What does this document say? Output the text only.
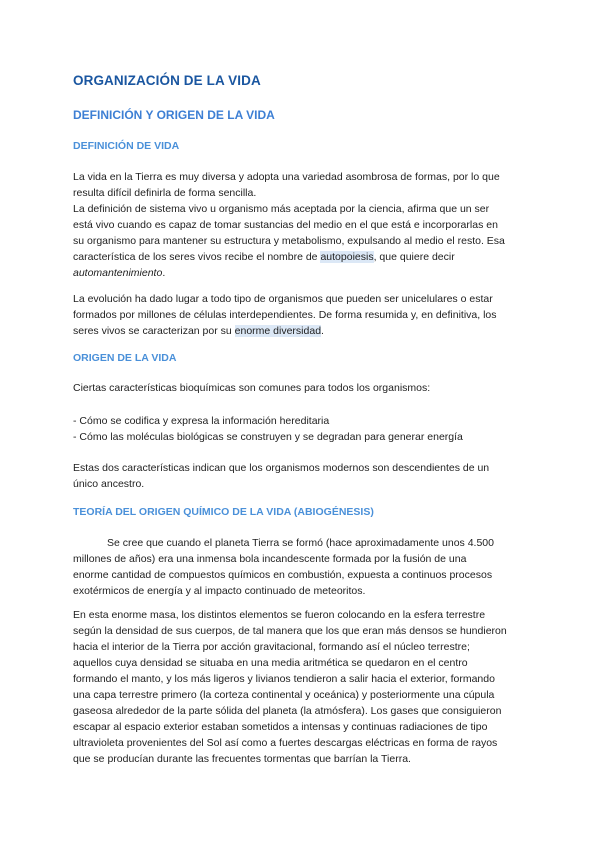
ORGANIZACIÓN DE LA VIDA
DEFINICIÓN Y ORIGEN DE LA VIDA
DEFINICIÓN DE VIDA
La vida en la Tierra es muy diversa y adopta una variedad asombrosa de formas, por lo que
resulta difícil definirla de forma sencilla.
La definición de sistema vivo u organismo más aceptada por la ciencia, afirma que un ser
está vivo cuando es capaz de tomar sustancias del medio en el que está e incorporarlas en
su organismo para mantener su estructura y metabolismo, expulsando al medio el resto. Esa
característica de los seres vivos recibe el nombre de autopoiesis, que quiere decir
automantenimiento.
La evolución ha dado lugar a todo tipo de organismos que pueden ser unicelulares o estar
formados por millones de células interdependientes. De forma resumida y, en definitiva, los
seres vivos se caracterizan por su enorme diversidad.
ORIGEN DE LA VIDA
Ciertas características bioquímicas son comunes para todos los organismos:
- Cómo se codifica y expresa la información hereditaria
- Cómo las moléculas biológicas se construyen y se degradan para generar energía
Estas dos características indican que los organismos modernos son descendientes de un
único ancestro.
TEORÍA DEL ORIGEN QUÍMICO DE LA VIDA (ABIOGÉNESIS)
Se cree que cuando el planeta Tierra se formó (hace aproximadamente unos 4.500
millones de años) era una inmensa bola incandescente formada por la fusión de una
enorme cantidad de compuestos químicos en combustión, expuesta a continuos procesos
exotérmicos de energía y al impacto continuado de meteoritos.
En esta enorme masa, los distintos elementos se fueron colocando en la esfera terrestre
según la densidad de sus cuerpos, de tal manera que los que eran más densos se hundieron
hacia el interior de la Tierra por acción gravitacional, formando así el núcleo terrestre;
aquellos cuya densidad se situaba en una media aritmética se quedaron en el centro
formando el manto, y los más ligeros y livianos tendieron a salir hacia el exterior, formando
una capa terrestre primero (la corteza continental y oceánica) y posteriormente una cúpula
gaseosa alrededor de la parte sólida del planeta (la atmósfera). Los gases que consiguieron
escapar al espacio exterior estaban sometidos a intensas y continuas radiaciones de tipo
ultravioleta provenientes del Sol así como a fuertes descargas eléctricas en forma de rayos
que se producían durante las frecuentes tormentas que barrían la Tierra.
